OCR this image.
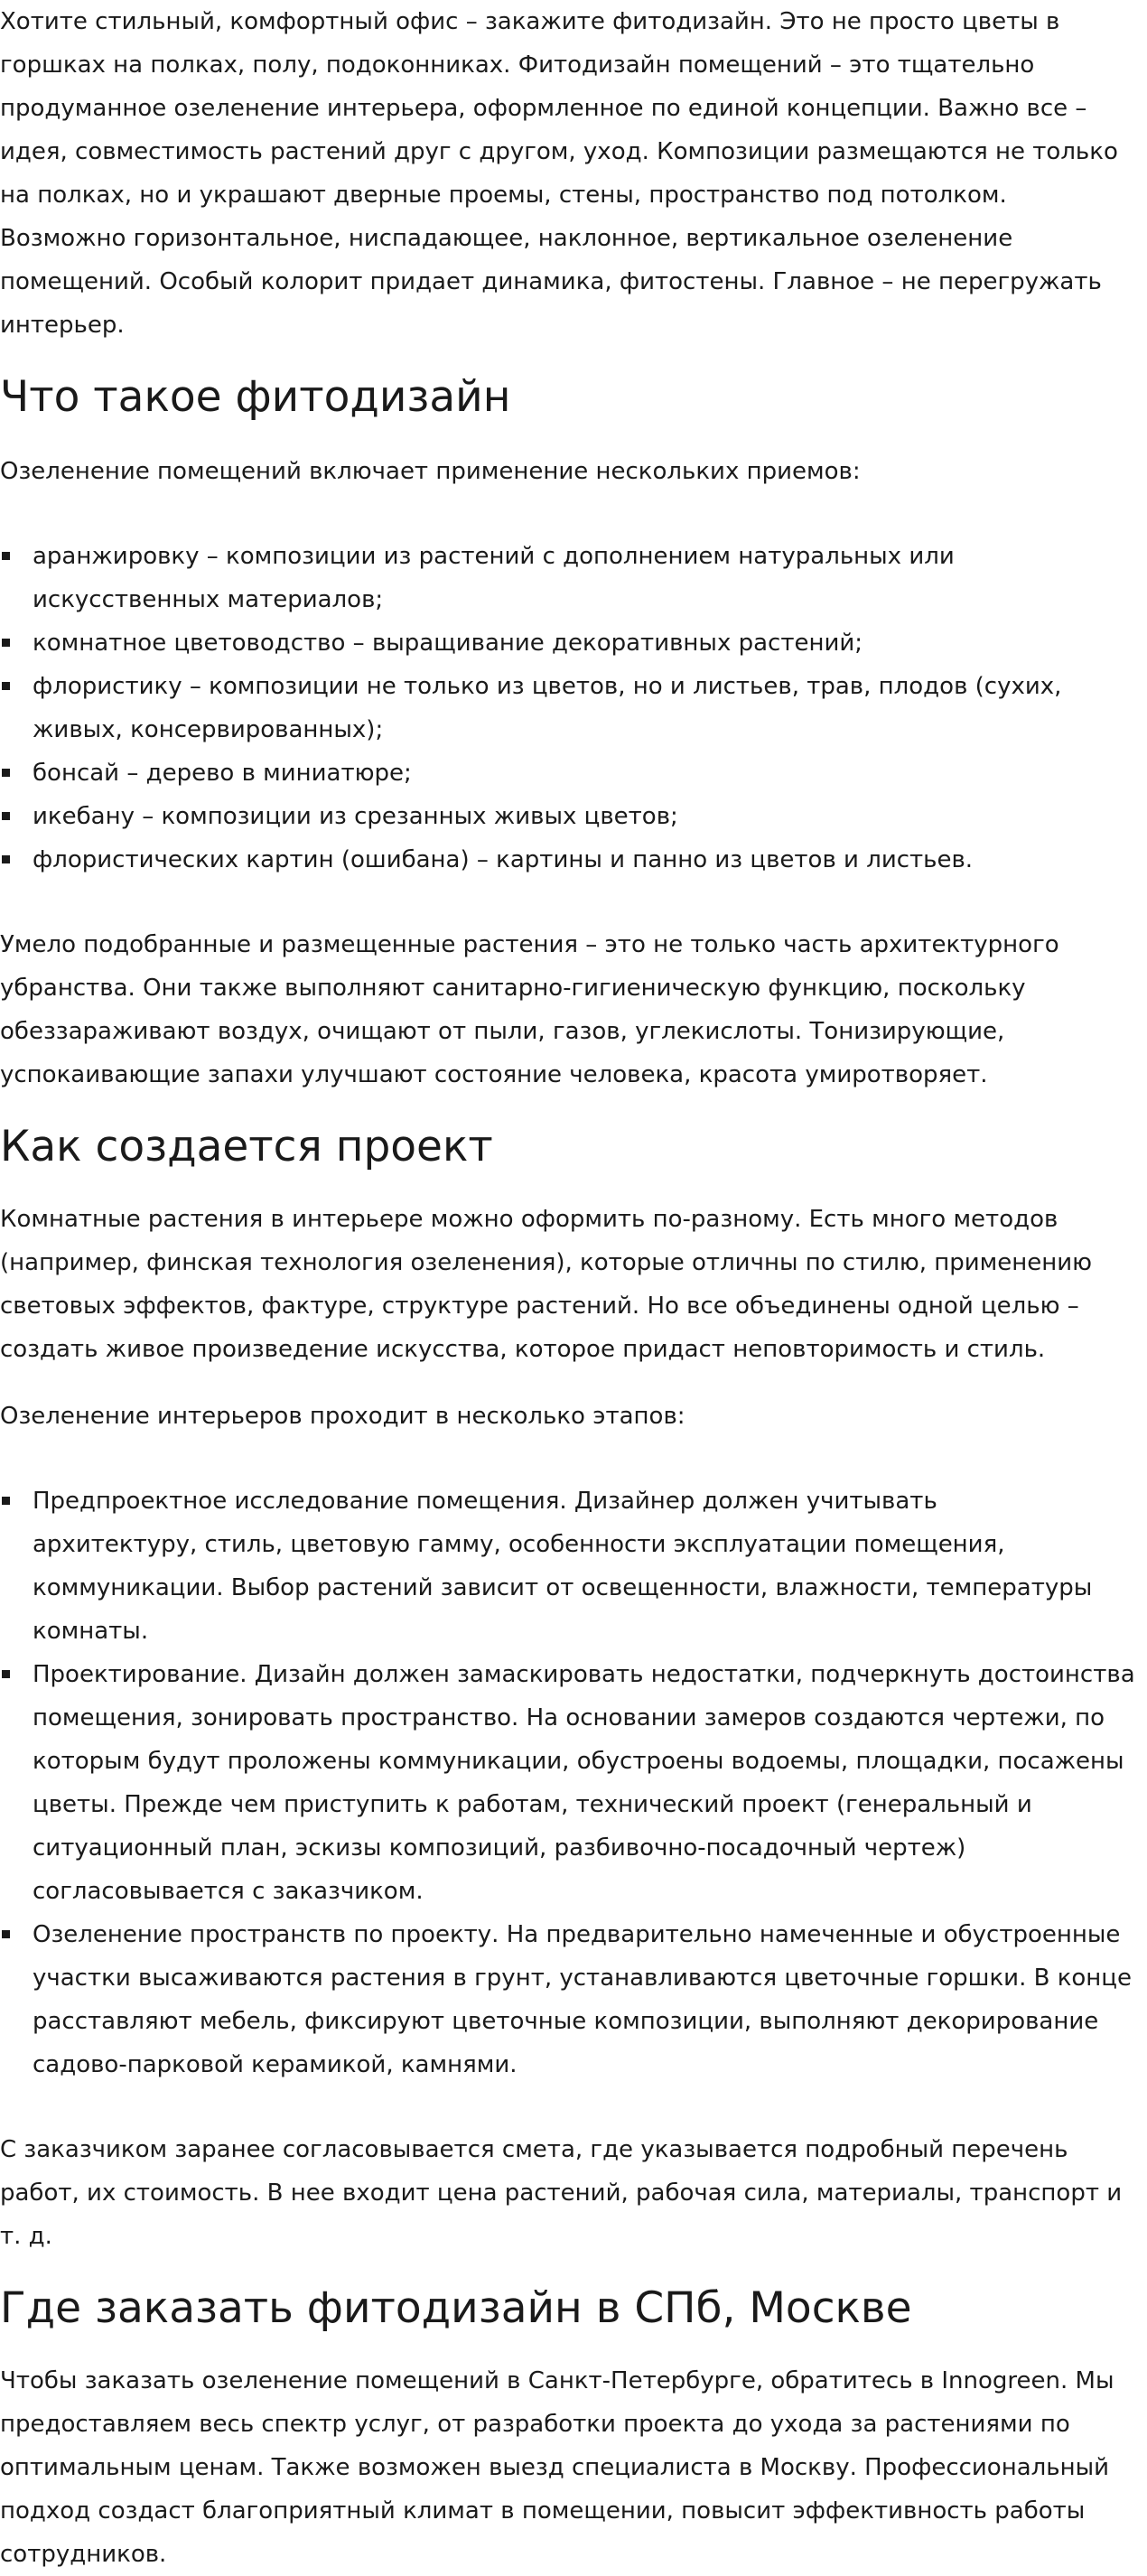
Хотите стильный, комфортный офис – закажите фитодизайн. Это не просто цветы в горшках на полках, полу, подоконниках. Фитодизайн помещений – это тщательно продуманное озеленение интерьера, оформленное по единой концепции. Важно все – идея, совместимость растений друг с другом, уход. Композиции размещаются не только на полках, но и украшают дверные проемы, стены, пространство под потолком. Возможно горизонтальное, ниспадающее, наклонное, вертикальное озеленение помещений. Особый колорит придает динамика, фитостены. Главное – не перегружать интерьер.

Что такое фитодизайн

Озеленение помещений включает применение нескольких приемов:

аранжировку – композиции из растений с дополнением натуральных или искусственных материалов;
комнатное цветоводство – выращивание декоративных растений;
флористику – композиции не только из цветов, но и листьев, трав, плодов (сухих, живых, консервированных);
бонсай – дерево в миниатюре;
икебану – композиции из срезанных живых цветов;
флористических картин (ошибана) – картины и панно из цветов и листьев.

Умело подобранные и размещенные растения – это не только часть архитектурного убранства. Они также выполняют санитарно-гигиеническую функцию, поскольку обеззараживают воздух, очищают от пыли, газов, углекислоты. Тонизирующие, успокаивающие запахи улучшают состояние человека, красота умиротворяет.

Как создается проект

Комнатные растения в интерьере можно оформить по-разному. Есть много методов (например, финская технология озеленения), которые отличны по стилю, применению световых эффектов, фактуре, структуре растений. Но все объединены одной целью – создать живое произведение искусства, которое придаст неповторимость и стиль.

Озеленение интерьеров проходит в несколько этапов:

Предпроектное исследование помещения. Дизайнер должен учитывать архитектуру, стиль, цветовую гамму, особенности эксплуатации помещения, коммуникации. Выбор растений зависит от освещенности, влажности, температуры комнаты.
Проектирование. Дизайн должен замаскировать недостатки, подчеркнуть достоинства помещения, зонировать пространство. На основании замеров создаются чертежи, по которым будут проложены коммуникации, обустроены водоемы, площадки, посажены цветы. Прежде чем приступить к работам, технический проект (генеральный и ситуационный план, эскизы композиций, разбивочно-посадочный чертеж) согласовывается с заказчиком.
Озеленение пространств по проекту. На предварительно намеченные и обустроенные участки высаживаются растения в грунт, устанавливаются цветочные горшки. В конце расставляют мебель, фиксируют цветочные композиции, выполняют декорирование садово-парковой керамикой, камнями.

С заказчиком заранее согласовывается смета, где указывается подробный перечень работ, их стоимость. В нее входит цена растений, рабочая сила, материалы, транспорт и т. д.

Где заказать фитодизайн в СПб, Москве

Чтобы заказать озеленение помещений в Санкт-Петербурге, обратитесь в Innogreen. Мы предоставляем весь спектр услуг, от разработки проекта до ухода за растениями по оптимальным ценам. Также возможен выезд специалиста в Москву. Профессиональный подход создаст благоприятный климат в помещении, повысит эффективность работы сотрудников.
